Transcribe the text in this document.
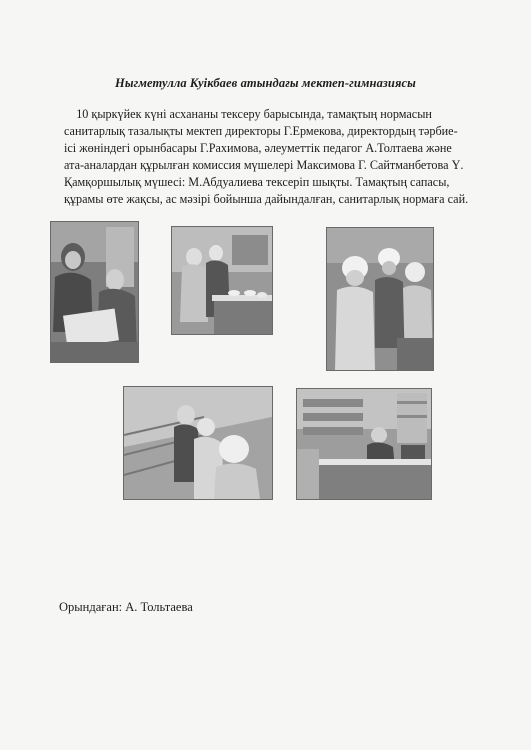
Ныгметулла Куікбаев атындағы мектеп-гимназиясы
10 қыркүйек күні асхананы тексеру барысында, тамақтың нормасын
санитарлық тазалықты мектеп директоры Г.Ермекова, директордың тәрбие-
ісі жөніндегі орынбасары Г.Рахимова, әлеуметтік педагог А.Толтаева және
ата-аналардан құрылған комиссия мүшелері Максимова Г. Сайтманбетова Ү.
Қамқоршылық мүшесі: М.Абдуалиева тексеріп шықты. Тамақтың сапасы,
құрамы өте жақсы, ас мәзірі бойынша дайындалған, санитарлық нормаға сай.
Орындаған: А. Тольтаева
